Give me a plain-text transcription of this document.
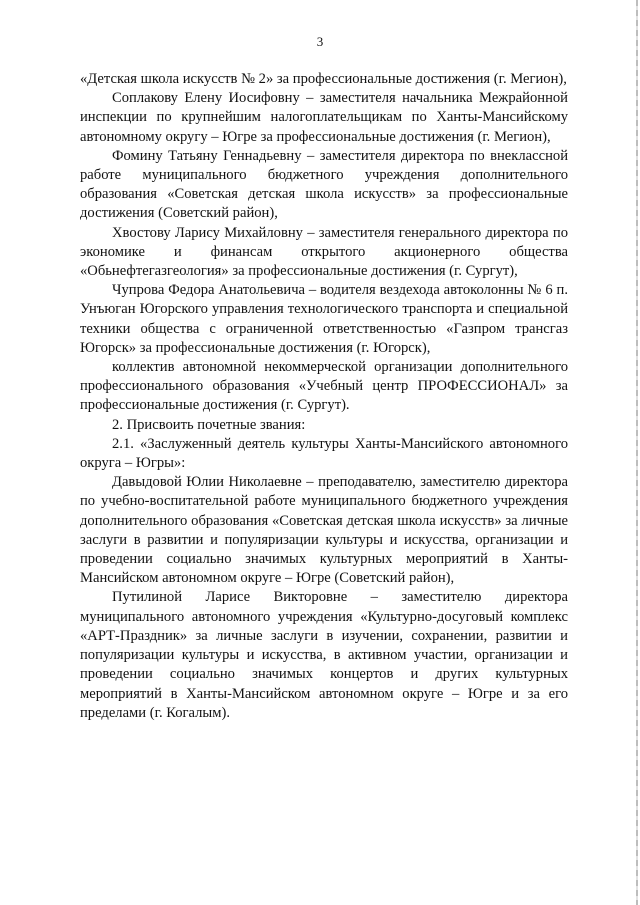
3

«Детская школа искусств № 2» за профессиональные достижения (г. Мегион),

Соплакову Елену Иосифовну – заместителя начальника Межрайонной инспекции по крупнейшим налогоплательщикам по Ханты-Мансийскому автономному округу – Югре за профессиональные достижения (г. Мегион),

Фомину Татьяну Геннадьевну – заместителя директора по внеклассной работе муниципального бюджетного учреждения дополнительного образования «Советская детская школа искусств» за профессиональные достижения (Советский район),

Хвостову Ларису Михайловну – заместителя генерального директора по экономике и финансам открытого акционерного общества «Обьнефтегазгеология» за профессиональные достижения (г. Сургут),

Чупрова Федора Анатольевича – водителя вездехода автоколонны № 6 п. Унъюган Югорского управления технологического транспорта и специальной техники общества с ограниченной ответственностью «Газпром трансгаз Югорск» за профессиональные достижения (г. Югорск),

коллектив автономной некоммерческой организации дополнительного профессионального образования «Учебный центр ПРОФЕССИОНАЛ» за профессиональные достижения (г. Сургут).

2. Присвоить почетные звания:

2.1. «Заслуженный деятель культуры Ханты-Мансийского автономного округа – Югры»:

Давыдовой Юлии Николаевне – преподавателю, заместителю директора по учебно-воспитательной работе муниципального бюджетного учреждения дополнительного образования «Советская детская школа искусств» за личные заслуги в развитии и популяризации культуры и искусства, организации и проведении социально значимых культурных мероприятий в Ханты-Мансийском автономном округе – Югре (Советский район),

Путилиной Ларисе Викторовне – заместителю директора муниципального автономного учреждения «Культурно-досуговый комплекс «АРТ-Праздник» за личные заслуги в изучении, сохранении, развитии и популяризации культуры и искусства, в активном участии, организации и проведении социально значимых концертов и других культурных мероприятий в Ханты-Мансийском автономном округе – Югре и за его пределами (г. Когалым).
